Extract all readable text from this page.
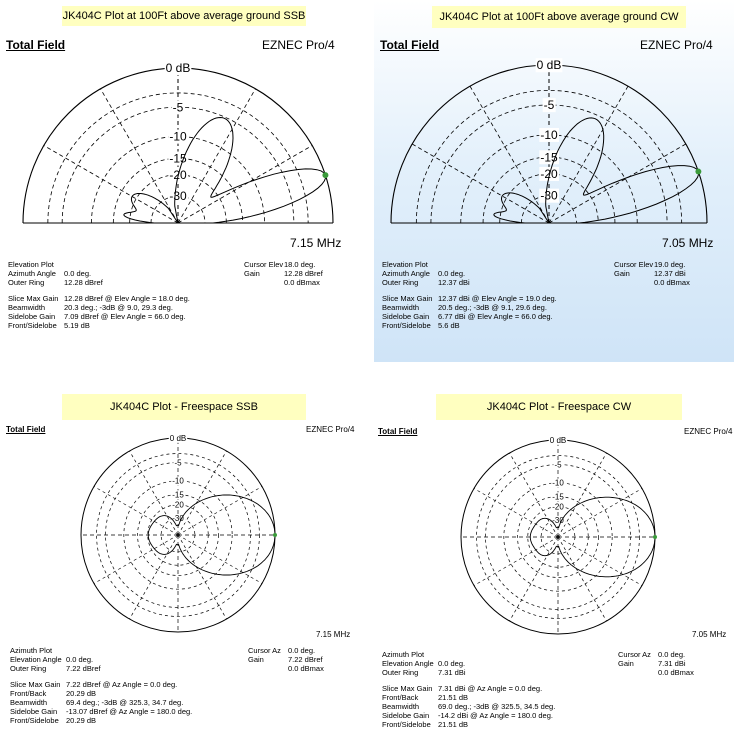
JK404C Plot at 100Ft above average ground SSB
Total Field	EZNEC Pro/4
0 dB
-5
-10
-15
-20
-30
7.15 MHz
Elevation Plot
Azimuth Angle	0.0 deg.
Outer Ring	12.28 dBref
Slice Max Gain 12.28 dBref @ Elev Angle = 18.0 deg.
Beamwidth	20.3 deg.; -3dB @ 9.0, 29.3 deg.
Sidelobe Gain	7.09 dBref @ Elev Angle = 66.0 deg.
Front/Sidelobe 5.19 dB
Cursor Elev 18.0 deg.
Gain	12.28 dBref
0.0 dBmax
JK404C Plot at 100Ft above average ground CW
Total Field	EZNEC Pro/4
0 dB
-5
-10
-15
-20
-30
7.05 MHz
Elevation Plot
Azimuth Angle	0.0 deg.
Outer Ring	12.37 dBi
Slice Max Gain 12.37 dBi @ Elev Angle = 19.0 deg.
Beamwidth	20.5 deg.; -3dB @ 9.1, 29.6 deg.
Sidelobe Gain	6.77 dBi @ Elev Angle = 66.0 deg.
Front/Sidelobe 5.6 dB
Cursor Elev 19.0 deg.
Gain	12.37 dBi
0.0 dBmax
JK404C Plot - Freespace SSB
Total Field	EZNEC Pro/4
0 dB
-5
-10
-15
-20
-30
7.15 MHz
Azimuth Plot
Elevation Angle 0.0 deg.
Outer Ring	7.22 dBref
Slice Max Gain 7.22 dBref @ Az Angle = 0.0 deg.
Front/Back	20.29 dB
Beamwidth	69.4 deg.; -3dB @ 325.3, 34.7 deg.
Sidelobe Gain	-13.07 dBref @ Az Angle = 180.0 deg.
Front/Sidelobe 20.29 dB
Cursor Az 0.0 deg.
Gain	7.22 dBref
0.0 dBmax
JK404C Plot - Freespace CW
Total Field	EZNEC Pro/4
0 dB
-5
-10
-15
-20
-30
7.05 MHz
Azimuth Plot
Elevation Angle 0.0 deg.
Outer Ring	7.31 dBi
Slice Max Gain 7.31 dBi @ Az Angle = 0.0 deg.
Front/Back	21.51 dB
Beamwidth	69.0 deg.; -3dB @ 325.5, 34.5 deg.
Sidelobe Gain	-14.2 dBi @ Az Angle = 180.0 deg.
Front/Sidelobe 21.51 dB
Cursor Az 0.0 deg.
Gain	7.31 dBi
0.0 dBmax
